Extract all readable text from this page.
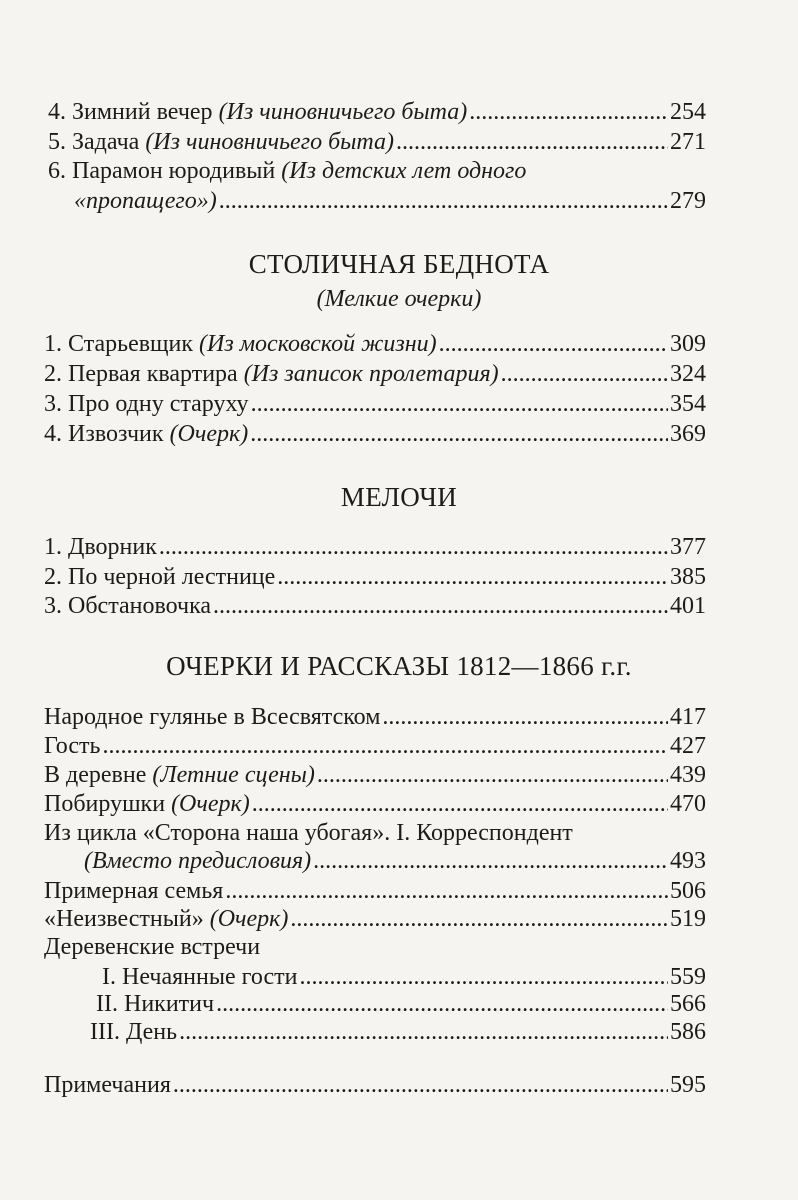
4. Зимний вечер (Из чиновничьего быта) .....	254
5. Задача (Из чиновничьего быта) .....	271
6. Парамон юродивый (Из детских лет одного
«пропащего») .....	279
СТОЛИЧНАЯ БЕДНОТА
(Мелкие очерки)
1. Старьевщик (Из московской жизни) .....	309
2. Первая квартира (Из записок пролетария) .....	324
3. Про одну старуху .....	354
4. Извозчик (Очерк) .....	369
МЕЛОЧИ
1. Дворник .....	377
2. По черной лестнице .....	385
3. Обстановочка .....	401
ОЧЕРКИ И РАССКАЗЫ 1812—1866 г.г.
Народное гулянье в Всесвятском .....	417
Гость .....	427
В деревне (Летние сцены) .....	439
Побирушки (Очерк) .....	470
Из цикла «Сторона наша убогая». I. Корреспондент
(Вместо предисловия) .....	493
Примерная семья .....	506
«Неизвестный» (Очерк) .....	519
Деревенские встречи
I. Нечаянные гости .....	559
II. Никитич .....	566
III. День .....	586
Примечания .....	595
